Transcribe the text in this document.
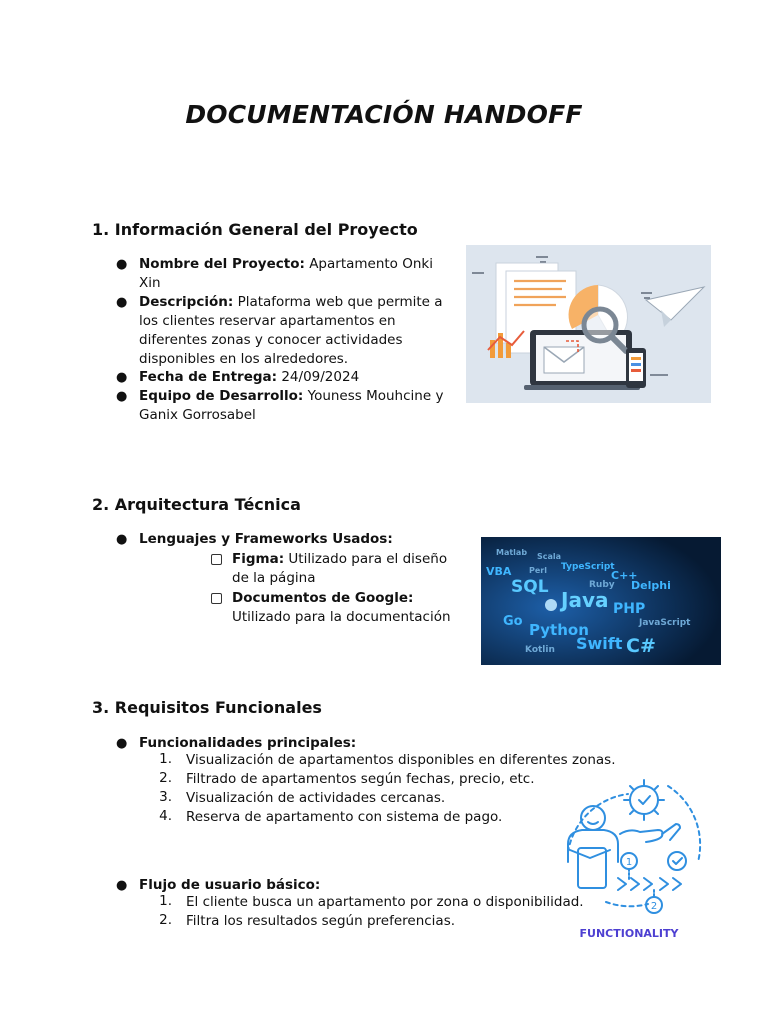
DOCUMENTACIÓN HANDOFF
1. Información General del Proyecto
● Nombre del Proyecto: Apartamento Onki
Xin
● Descripción: Plataforma web que permite a
los clientes reservar apartamentos en
diferentes zonas y conocer actividades
disponibles en los alrededores.
● Fecha de Entrega: 24/09/2024
● Equipo de Desarrollo: Youness Mouhcine y
Ganix Gorrosabel
2. Arquitectura Técnica
● Lenguajes y Frameworks Usados:
Figma: Utilizado para el diseño
de la página
Documentos de Google:
Utilizado para la documentación
Matlab Scala
VBA Perl TypeScript
SQL	Ruby
C++
Delphi
Java
Go
PHP
Python	JavaScript
Swift
Kotlin	C#
3. Requisitos Funcionales
● Funcionalidades principales:
1. Visualización de apartamentos disponibles en diferentes zonas.
2. Filtrado de apartamentos según fechas, precio, etc.
3. Visualización de actividades cercanas.
4. Reserva de apartamento con sistema de pago.
1
2
FUNCTIONALITY
● Flujo de usuario básico:
1. El cliente busca un apartamento por zona o disponibilidad.
2. Filtra los resultados según preferencias.
